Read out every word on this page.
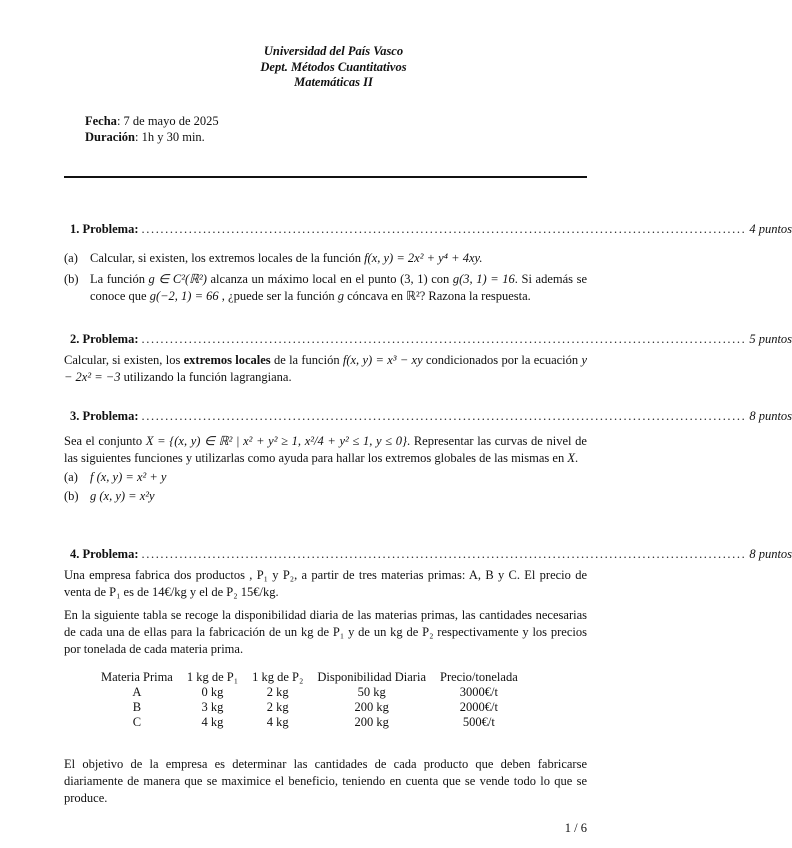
Universidad del País Vasco
Dept. Métodos Cuantitativos
Matemáticas II
Fecha: 7 de mayo de 2025
Duración: 1h y 30 min.
1. Problema: ................................................................................................................................ 4 puntos
(a) Calcular, si existen, los extremos locales de la función f(x, y) = 2x² + y⁴ + 4xy.
(b) La función g ∈ C²(ℝ²) alcanza un máximo local en el punto (3, 1) con g(3, 1) = 16. Si además se conoce que g(−2, 1) = 66 , ¿puede ser la función g cóncava en ℝ²? Razona la respuesta.
2. Problema: ................................................................................................................................ 5 puntos

Calcular, si existen, los extremos locales de la función f(x, y) = x³ − xy condicionados por la ecuación y − 2x² = −3 utilizando la función lagrangiana.

3. Problema: ................................................................................................................................ 8 puntos

Sea el conjunto X = {(x, y) ∈ ℝ² | x² + y² ≥ 1, x²/4 + y² ≤ 1, y ≤ 0}. Representar las curvas de nivel de las siguientes funciones y utilizarlas como ayuda para hallar los extremos globales de las mismas en X.

(a) f (x, y) = x² + y
(b) g (x, y) = x²y
4. Problema: ................................................................................................................................ 8 puntos

Una empresa fabrica dos productos , P₁ y P₂, a partir de tres materias primas: A, B y C. El precio de venta de P₁ es de 14€/kg y el de P₂ 15€/kg.

En la siguiente tabla se recoge la disponibilidad diaria de las materias primas, las cantidades necesarias de cada una de ellas para la fabricación de un kg de P₁ y de un kg de P₂ respectivamente y los precios por tonelada de cada materia prima.

Materia Prima	1 kg de P₁	1 kg de P₂	Disponibilidad Diaria	Precio/tonelada
A	0 kg	2 kg	50 kg	3000€/t
B	3 kg	2 kg	200 kg	2000€/t
C	4 kg	4 kg	200 kg	500€/t

El objetivo de la empresa es determinar las cantidades de cada producto que deben fabricarse diariamente de manera que se maximice el beneficio, teniendo en cuenta que se vende todo lo que se produce.

1 / 6
